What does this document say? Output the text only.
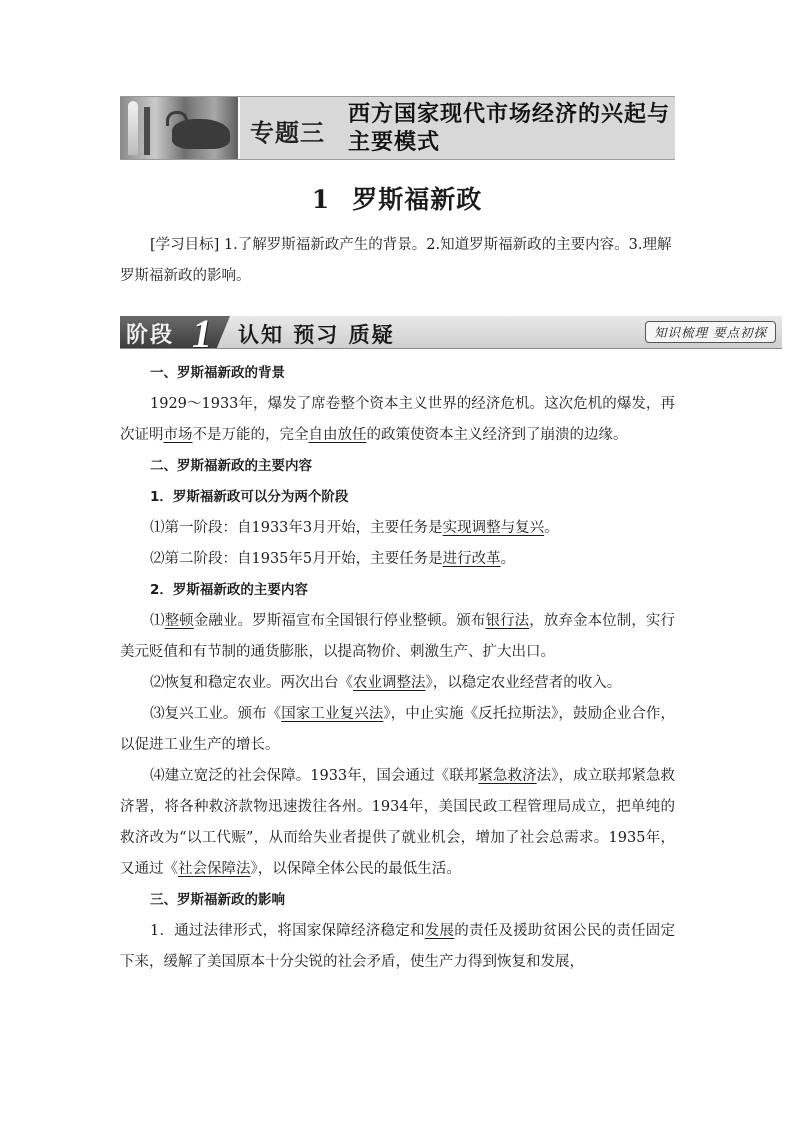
专题三
西方国家现代市场经济的兴起与主要模式
1 罗斯福新政
[学习目标] 1.了解罗斯福新政产生的背景。2.知道罗斯福新政的主要内容。3.理解罗斯福新政的影响。
阶段 1 认知 预习 质疑	知识梳理 要点初探

一、罗斯福新政的背景

1929～1933年，爆发了席卷整个资本主义世界的经济危机。这次危机的爆发，再次证明市场不是万能的，完全自由放任的政策使资本主义经济到了崩溃的边缘。

二、罗斯福新政的主要内容

1．罗斯福新政可以分为两个阶段

⑴第一阶段：自1933年3月开始，主要任务是实现调整与复兴。

⑵第二阶段：自1935年5月开始，主要任务是进行改革。

2．罗斯福新政的主要内容

⑴整顿金融业。罗斯福宣布全国银行停业整顿。颁布银行法，放弃金本位制，实行美元贬值和有节制的通货膨胀，以提高物价、刺激生产、扩大出口。

⑵恢复和稳定农业。两次出台《农业调整法》，以稳定农业经营者的收入。

⑶复兴工业。颁布《国家工业复兴法》，中止实施《反托拉斯法》，鼓励企业合作，以促进工业生产的增长。

⑷建立宽泛的社会保障。1933年，国会通过《联邦紧急救济法》，成立联邦紧急救济署，将各种救济款物迅速拨往各州。1934年，美国民政工程管理局成立，把单纯的救济改为“以工代赈”，从而给失业者提供了就业机会，增加了社会总需求。1935年，又通过《社会保障法》，以保障全体公民的最低生活。

三、罗斯福新政的影响

1．通过法律形式，将国家保障经济稳定和发展的责任及援助贫困公民的责任固定下来，缓解了美国原本十分尖锐的社会矛盾，使生产力得到恢复和发展，
